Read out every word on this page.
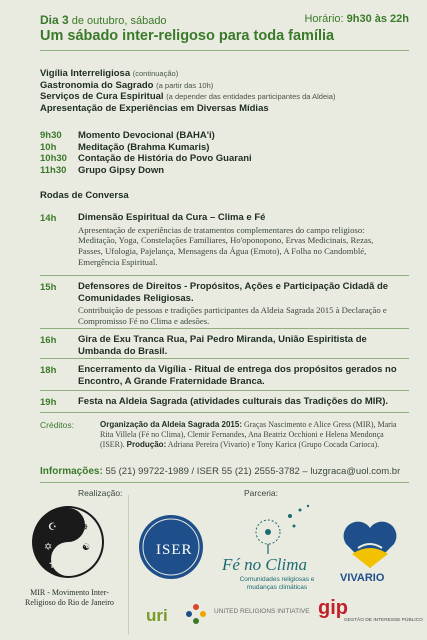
Dia 3 de outubro, sábado	Horário: 9h30 às 22h
Um sábado inter-religoso para toda família
Vigília Interreligiosa (continuação)
Gastronomia do Sagrado (a partir das 10h)
Serviços de Cura Espiritual (a depender das entidades participantes da Aldeia)
Apresentação de Experiências em Diversas Mídias
9h30	Momento Devocional (BAHA'i)
10h	Meditação (Brahma Kumaris)
10h30	Contação de História do Povo Guarani
11h30	Grupo Gipsy Down
Rodas de Conversa
14h	Dimensão Espiritual da Cura – Clima e Fé
Apresentação de experiências de tratamentos complementares do campo religioso: Meditação, Yoga, Constelações Familiares, Ho'oponopono, Ervas Medicinais, Rezas, Passes, Ufologia, Pajelança, Mensagens da Água (Emoto), A Folha no Candomblé, Emergência Espiritual.
15h	Defensores de Direitos - Propósitos, Ações e Participação Cidadã de Comunidades Religiosas.
Contribuição de pessoas e tradições participantes da Aldeia Sagrada 2015 à Declaração e Compromisso Fé no Clima e adesões.
16h	Gira de Exu Tranca Rua, Pai Pedro Miranda, União Espiritista de Umbanda do Brasil.
18h	Encerramento da Vigília - Ritual de entrega dos propósitos gerados no Encontro, A Grande Fraternidade Branca.
19h	Festa na Aldeia Sagrada (atividades culturais das Tradições do MIR).
Créditos:	Organização da Aldeia Sagrada 2015: Graças Nascimento e Alice Gress (MIR), Maria Rita Villela (Fé no Clima), Clemir Fernandes, Ana Beatriz Occhioni e Helena Mendonça (ISER). Produção: Adriana Pereira (Vivario) e Tony Karica (Grupo Cocada Carioca).
Informações: 55 (21) 99722-1989 / ISER 55 (21) 2555-3782 – luzgraca@uol.com.br
Realização:	Parceria:
☪
✡
✝
☸
☯
MIR - Movimento Inter-Religioso do Rio de Janeiro
ISER
Fé no Clima
Comunidades religiosas e mudanças climáticas
VIVARIO
uri	UNITED RELIGIONS INITIATIVE gip
GESTÃO DE INTERESSE PÚBLICO
